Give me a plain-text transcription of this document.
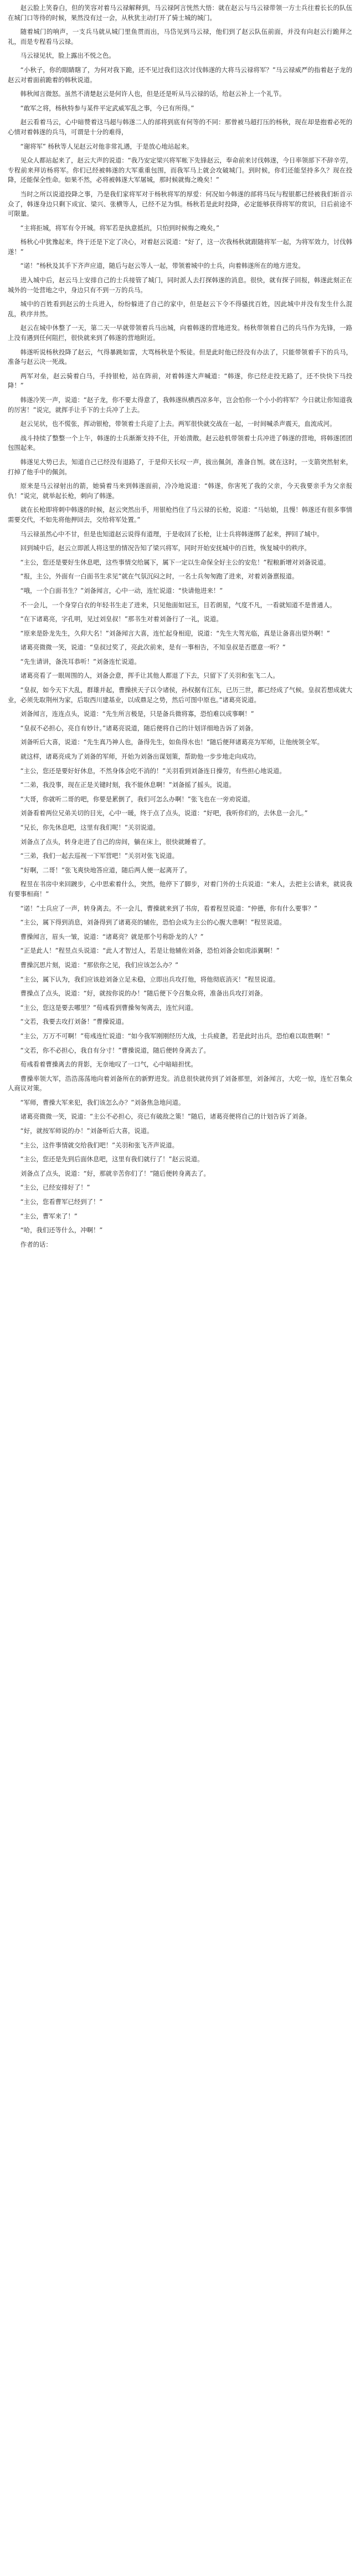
赵云脸上笑眷白，但的笑容对着马云禄解释到，马云禄阿言恍然大悟：就在赵云与马云禄带领一方士兵往着长长的队伍在城门口等待的时候，果然没有过一会，从秋犹主动打开了骑士城的城门。

随着城门的响声，一支兵马就从城门里鱼贯而出，马岱见到马云禄，他们到了赵云队伍前面，并没有向赵云行跪拜之礼，而是专程看马云禄。

马云禄见状，脸上露出不悦之色。

“小秋子，你的眼睛瞎了，为何对我下跪，还不见过我们这次讨伐韩遂的大将马云禄将军？”马云禄威严的指着赵子龙的赵云对着面前跪着的韩秋说道。

韩秋闻言微怒。虽然不清楚赵云是何许人也，但是还是听从马云禄的话，给赵云补上一个礼节。

“敢军之将，杨秋特参与某件平定武威军乱之事，今已有所得。”

赵云看着马云，心中暗赞着这马超与韩遂二人的部将到底有何等的不同：那曾被马超打压的杨秋，现在却是抱着必死的心情对着韩遂的兵马，可谓是十分的难得，

“谢将军” 杨秋等人见赵云对他非常礼遇，于是放心地站起来。

见众人都站起来了，赵云大声的说道：“我乃安定梁兴将军帐下先锋赵云，奉命前来讨伐韩遂，今日率领部下不辞辛劳，专程前来拜访杨将军。你们已经被韩遂的大军重重包围，而我军马上就会攻破城门。到时候，你们还能坚持多久？现在投降，还能保全性命。如果不然，必将被韩遂大军屠城，那时候就悔之晚矣！”

当时之所以说道投降之事，乃是我们家将军对于杨秋将军的厚爱：何况如今韩遂的部将马玩与程银都已经被我们斩首示众了，韩遂身边只剩下成宜、梁兴、张横等人，已经不足为惧。杨秋若是此时投降，必定能够获得将军的赏识，日后前途不可限量。

“主将拒城，将军有令开城。将军若是执意抵抗，只怕到时候悔之晚矣。”

杨秋心中犹豫起来，终于还是下定了决心，对着赵云说道：“好了，这一次我杨秋就跟随将军一起，为将军效力，讨伐韩遂！”

“诺！”杨秋及其手下齐声应道，随后与赵云等人一起，带领着城中的士兵，向着韩遂所在的地方进发。

进入城中后，赵云马上安排自己的士兵接管了城门，同时派人去打探韩遂的消息。很快，就有探子回报，韩遂此刻正在城外的一处营地之中，身边只有不到一万的兵马。

城中的百姓看到赵云的士兵进入，纷纷躲进了自己的家中，但是赵云下令不得骚扰百姓，因此城中并没有发生什么混乱，秩序井然。

赵云在城中休整了一天，第二天一早就带领着兵马出城，向着韩遂的营地进发。杨秋带领着自己的兵马作为先锋，一路上没有遇到任何阻拦，很快就来到了韩遂的营地附近。

韩遂听说杨秋投降了赵云，气得暴跳如雷，大骂杨秋是个叛徒。但是此时他已经没有办法了，只能带领着手下的兵马，准备与赵云决一死战。

两军对垒，赵云骑着白马，手持银枪，站在阵前，对着韩遂大声喊道：“韩遂，你已经走投无路了，还不快快下马投降！”

韩遂冷笑一声，说道：“赵子龙，你不要太得意了，我韩遂纵横西凉多年，岂会怕你一个小小的将军？今日就让你知道我的厉害！”说完，就挥手让手下的士兵冲了上去。

赵云见状，也不慌张，挥动银枪，带领着士兵迎了上去。两军很快就交战在一起，一时间喊杀声震天，血流成河。

战斗持续了整整一个上午，韩遂的士兵渐渐支持不住，开始溃散。赵云趁机带领着士兵冲进了韩遂的营地，将韩遂团团包围起来。

韩遂见大势已去，知道自己已经没有退路了，于是仰天长叹一声，拔出佩剑，准备自刎。就在这时，一支箭突然射来，打掉了他手中的佩剑。

原来是马云禄射出的箭，她骑着马来到韩遂面前，冷冷地说道：“韩遂，你害死了我的父亲，今天我要亲手为父亲报仇！”说完，就举起长枪，刺向了韩遂。

就在长枪即将刺中韩遂的时候，赵云突然出手，用银枪挡住了马云禄的长枪，说道：“马姑娘，且慢！韩遂还有很多事情需要交代，不如先将他押回去，交给将军处置。”

马云禄虽然心中不甘，但是也知道赵云说得有道理，于是收回了长枪，让士兵将韩遂绑了起来，押回了城中。

回到城中后，赵云立即派人将这里的情况告知了梁兴将军，同时开始安抚城中的百姓，恢复城中的秩序。

“主公，您还是要好生休息吧，这些事情交给属下，属下一定以生命保全好主公的安危！”程粮新增对刘备说道。

“报，主公，外面有一白面书生求见”就在气氛沉闷之时，一名士兵匆匆跑了进来，对着刘备禀报道。

“哦，一个白面书生？”刘备闻言，心中一动，连忙说道：“快请他进来！”

不一会儿，一个身穿白衣的年轻书生走了进来，只见他面如冠玉，目若朗星，气度不凡，一看就知道不是普通人。

“在下诸葛亮，字孔明，见过刘皇叔！”那书生对着刘备行了一礼，说道。

“原来是卧龙先生，久仰大名！”刘备闻言大喜，连忙起身相迎，说道：“先生大驾光临，真是让备喜出望外啊！”

诸葛亮微微一笑，说道：“皇叔过奖了，亮此次前来，是有一事相告，不知皇叔是否愿意一听？”

“先生请讲，备洗耳恭听！”刘备连忙说道。

诸葛亮看了一眼周围的人，刘备会意，挥手让其他人都退了下去，只留下了关羽和张飞二人。

“皇叔，如今天下大乱，群雄并起，曹操挟天子以令诸侯，孙权据有江东，已历三世，都已经成了气候。皇叔若想成就大业，必须先取荆州为家，后取西川建基业，以成鼎足之势，然后可图中原也。”诸葛亮说道。

刘备闻言，连连点头，说道：“先生所言极是，只是备兵微将寡，恐怕难以成事啊！”

“皇叔不必担心，亮自有妙计。”诸葛亮说道，随后便将自己的计划详细地告诉了刘备。

刘备听后大喜，说道：“先生真乃神人也，备得先生，如鱼得水也！”随后便拜诸葛亮为军师，让他统领全军。

就这样，诸葛亮成为了刘备的军师，开始为刘备出谋划策，帮助他一步步地走向成功。

“主公，您还是要好好休息，不然身体会吃不消的！”关羽看到刘备连日操劳，有些担心地说道。

“二弟，我没事，现在正是关键时刻，我不能休息啊！”刘备摇了摇头，说道。

“大哥，你就听二哥的吧，你要是累倒了，我们可怎么办啊！”张飞也在一旁劝说道。

刘备看着两位兄弟关切的目光，心中一暖，终于点了点头，说道：“好吧，我听你们的，去休息一会儿。”

“兄长，你先休息吧，这里有我们呢！”关羽说道。

刘备点了点头，转身走进了自己的房间，躺在床上，很快就睡着了。

“三弟，我们一起去巡视一下军营吧！”关羽对张飞说道。

“好啊，二哥！”张飞爽快地答应道，随后两人便一起离开了。

程昱在书房中来回踱步，心中思索着什么，突然，他停下了脚步，对着门外的士兵说道：“来人，去把主公请来，就说我有要事相商！”

“诺！”士兵应了一声，转身离去。不一会儿，曹操就来到了书房，看着程昱说道：“仲德，你有什么要事？”

“主公，属下得到消息，刘备得到了诸葛亮的辅佐，恐怕会成为主公的心腹大患啊！”程昱说道。

曹操闻言，眉头一皱，说道：“诸葛亮？就是那个号称卧龙的人？”

“正是此人！”程昱点头说道：“此人才智过人，若是让他辅佐刘备，恐怕刘备会如虎添翼啊！”

曹操沉思片刻，说道：“那依你之见，我们应该怎么办？”

“主公，属下认为，我们应该趁刘备立足未稳，立即出兵攻打他，将他彻底消灭！”程昱说道。

曹操点了点头，说道：“好，就按你说的办！”随后便下令召集众将，准备出兵攻打刘备。

“主公，您这是要去哪里？”荀彧看到曹操匆匆离去，连忙问道。

“文若，我要去攻打刘备！”曹操说道。

“主公，万万不可啊！”荀彧连忙说道：“如今我军刚刚经历大战，士兵疲惫，若是此时出兵，恐怕难以取胜啊！”

“文若，你不必担心，我自有分寸！”曹操说道，随后便转身离去了。

荀彧看着曹操离去的背影，无奈地叹了一口气，心中暗暗担忧。

曹操率领大军，浩浩荡荡地向着刘备所在的新野进发。消息很快就传到了刘备那里，刘备闻言，大吃一惊，连忙召集众人商议对策。

“军师，曹操大军来犯，我们该怎么办？”刘备焦急地问道。

诸葛亮微微一笑，说道：“主公不必担心，亮已有破敌之策！”随后，诸葛亮便将自己的计划告诉了刘备。

“好，就按军师说的办！”刘备听后大喜，说道。

“主公，这件事情就交给我们吧！”关羽和张飞齐声说道。

“主公，您还是先到后面休息吧，这里有我们就行了！”赵云说道。

刘备点了点头，说道：“好，那就辛苦你们了！”随后便转身离去了。

“主公，已经安排好了！”

“主公，您看曹军已经到了！”

“主公，曹军来了！”

“哈，我们还等什么，冲啊！”

作者的话：
